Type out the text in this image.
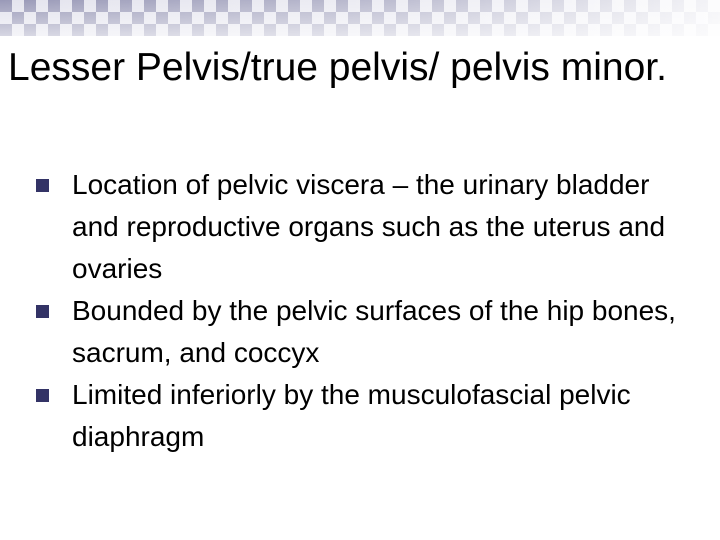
Lesser Pelvis/true pelvis/ pelvis minor.
Location of pelvic viscera – the urinary bladder and reproductive organs such as the uterus and ovaries
Bounded by the pelvic surfaces of the hip bones, sacrum, and coccyx
Limited inferiorly by the musculofascial pelvic diaphragm
